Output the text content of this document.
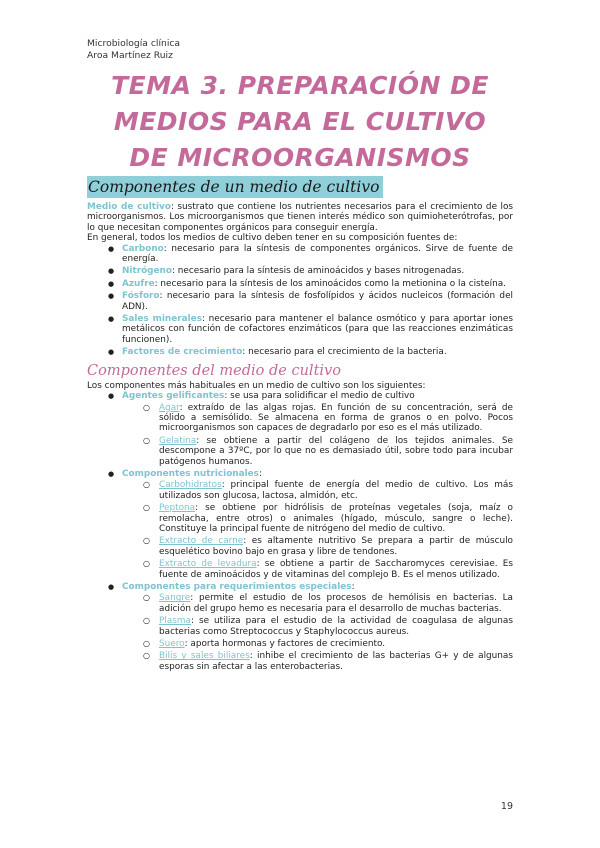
Microbiología clínica
Aroa Martínez Ruiz
TEMA 3. PREPARACIÓN DE MEDIOS PARA EL CULTIVO DE MICROORGANISMOS
Componentes de un medio de cultivo

Medio de cultivo: sustrato que contiene los nutrientes necesarios para el crecimiento de los microorganismos. Los microorganismos que tienen interés médico son quimioheterótrofas, por lo que necesitan componentes orgánicos para conseguir energía.

En general, todos los medios de cultivo deben tener en su composición fuentes de:

● Carbono: necesario para la síntesis de componentes orgánicos. Sirve de fuente de energía.
● Nitrógeno: necesario para la síntesis de aminoácidos y bases nitrogenadas.
● Azufre: necesario para la síntesis de los aminoácidos como la metionina o la cisteína.
● Fósforo: necesario para la síntesis de fosfolípidos y ácidos nucleicos (formación del ADN).
● Sales minerales: necesario para mantener el balance osmótico y para aportar iones metálicos con función de cofactores enzimáticos (para que las reacciones enzimáticas funcionen).
● Factores de crecimiento: necesario para el crecimiento de la bacteria.
Componentes del medio de cultivo

Los componentes más habituales en un medio de cultivo son los siguientes:

● Agentes gelificantes: se usa para solidificar el medio de cultivo
○ Agar: extraído de las algas rojas. En función de su concentración, será de sólido a semisólido. Se almacena en forma de granos o en polvo. Pocos microorganismos son capaces de degradarlo por eso es el más utilizado.
○ Gelatina: se obtiene a partir del colágeno de los tejidos animales. Se descompone a 37ºC, por lo que no es demasiado útil, sobre todo para incubar patógenos humanos.
● Componentes nutricionales:
○ Carbohidratos: principal fuente de energía del medio de cultivo. Los más utilizados son glucosa, lactosa, almidón, etc.
○ Peptona: se obtiene por hidrólisis de proteínas vegetales (soja, maíz o remolacha, entre otros) o animales (hígado, músculo, sangre o leche). Constituye la principal fuente de nitrógeno del medio de cultivo.
○ Extracto de carne: es altamente nutritivo Se prepara a partir de músculo esquelético bovino bajo en grasa y libre de tendones.
○ Extracto de levadura: se obtiene a partir de Saccharomyces cerevisiae. Es fuente de aminoácidos y de vitaminas del complejo B. Es el menos utilizado.
● Componentes para requerimientos especiales:
○ Sangre: permite el estudio de los procesos de hemólisis en bacterias. La adición del grupo hemo es necesaria para el desarrollo de muchas bacterias.
○ Plasma: se utiliza para el estudio de la actividad de coagulasa de algunas bacterias como Streptococcus y Staphylococcus aureus.
○ Suero: aporta hormonas y factores de crecimiento.
○ Bilis y sales biliares: inhibe el crecimiento de las bacterias G+ y de algunas esporas sin afectar a las enterobacterias.
19
